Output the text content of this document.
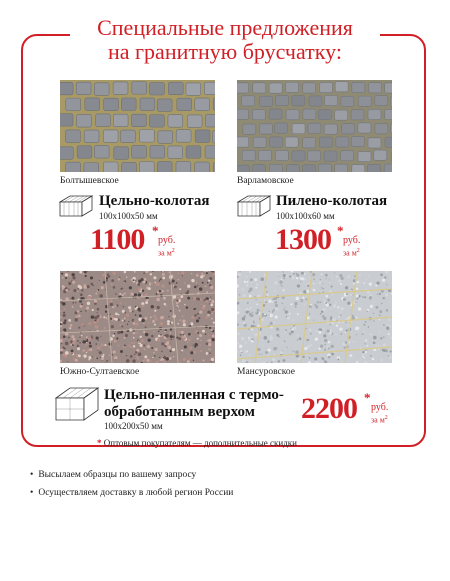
Специальные предложения
на гранитную брусчатку:
Болтышевское	Варламовское
Цельно-колотая
100x100x50 мм
1100 *
руб.
за $м^2$
Пилено-колотая
100x100x60 мм
1300 *
руб.
за $м^2$
Южно-Султаевское	Мансуровское
Цельно-пиленная с термо-
обработанным верхом
100x200x50 мм
2200 *
руб.
за $м^2$
* Оптовым покупателям — дополнительные скидки
• Высылаем образцы по вашему запросу
• Осуществляем доставку в любой регион России
